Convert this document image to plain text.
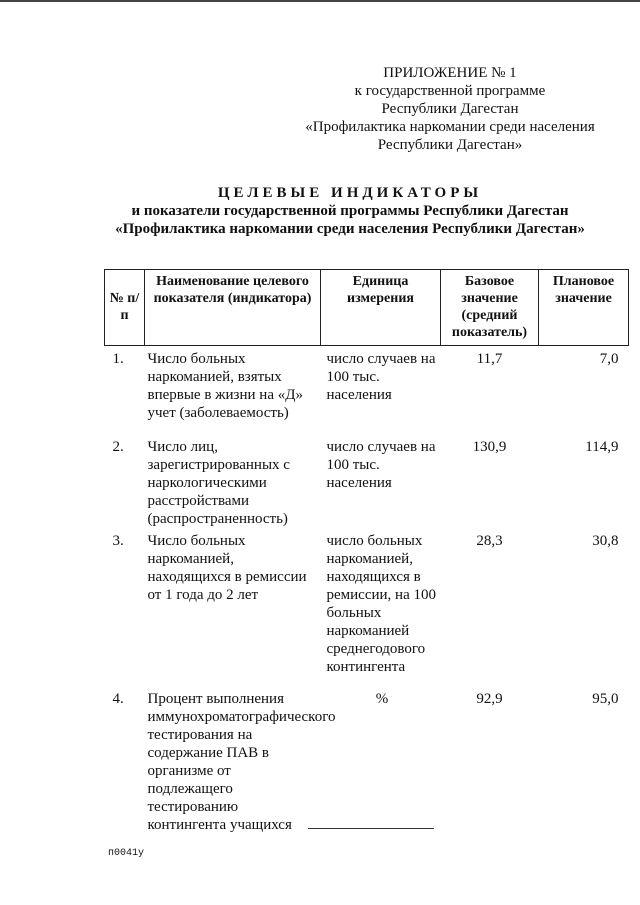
ПРИЛОЖЕНИЕ № 1
к государственной программе
Республики Дагестан
«Профилактика наркомании среди населения
Республики Дагестан»
ЦЕЛЕВЫЕ ИНДИКАТОРЫ
и показатели государственной программы Республики Дагестан
«Профилактика наркомании среди населения Республики Дагестан»
№ п/п	Наименование целевого показателя (индикатора)	Единица измерения	Базовое значение (средний показатель)	Плановое значение
1.	Число больных наркоманией, взятых впервые в жизни на «Д» учет (заболеваемость)	число случаев на 100 тыс. населения	11,7	7,0
2.	Число лиц, зарегистрированных с наркологическими расстройствами (распространенность)	число случаев на 100 тыс. населения	130,9	114,9
3.	Число больных наркоманией, находящихся в ремиссии от 1 года до 2 лет	число больных наркоманией, находящихся в ремиссии, на 100 больных наркоманией среднегодового контингента	28,3	30,8
4.	Процент выполнения иммунохроматографического тестирования на содержание ПАВ в организме от подлежащего тестированию контингента учащихся	%	92,9	95,0
п0041у
